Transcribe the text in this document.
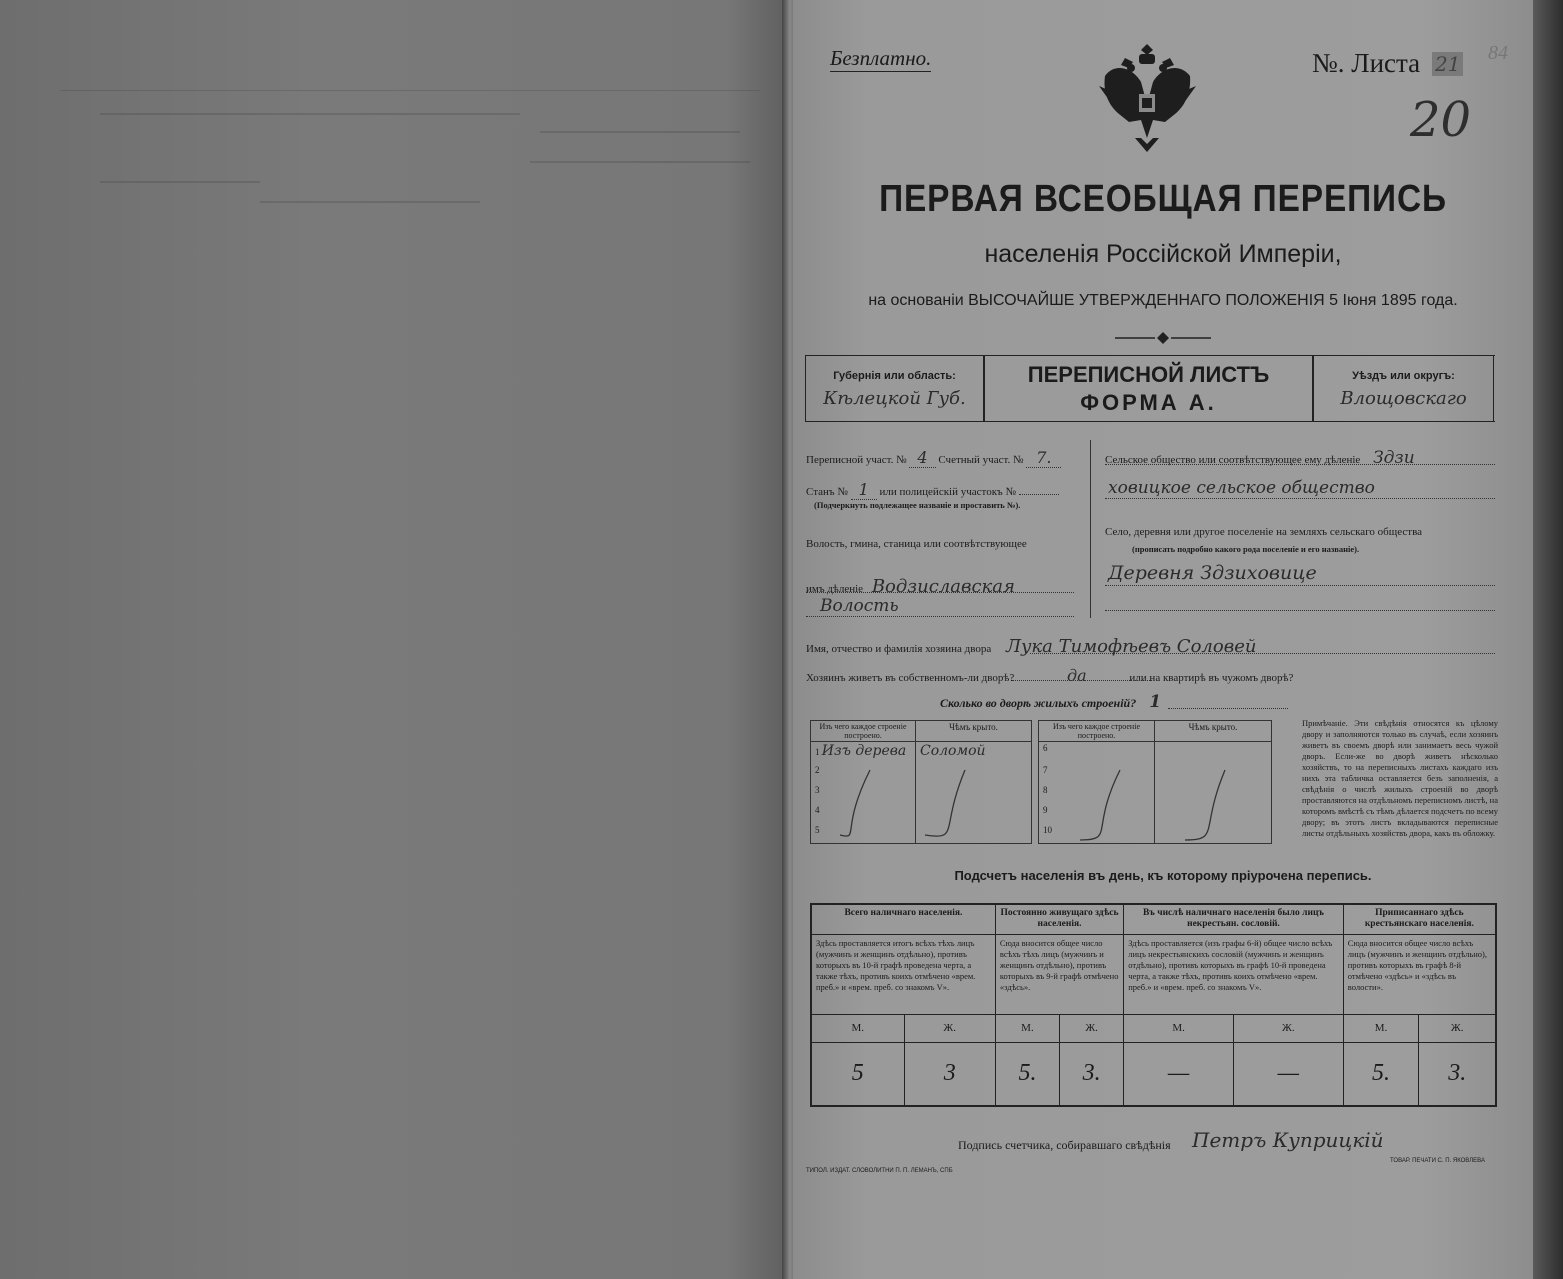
Безплатно.	№. Листа 21 84
20
ПЕРВАЯ ВСЕОБЩАЯ ПЕРЕПИСЬ
населенія Россійской Имперіи,
на основаніи ВЫСОЧАЙШЕ УТВЕРЖДЕННАГО ПОЛОЖЕНІЯ 5 Іюня 1895 года.
Губернія или область:
Кѣлецкой Губ.
ПЕРЕПИСНОЙ ЛИСТЪ
ФОРМА А.
Уѣздъ или округъ:
Влощовскаго
Переписной участ. № 4 Счетный участ. № 7.
Станъ № 1 или полицейскій участокъ №
(Подчеркнуть подлежащее названіе и проставить №).
Волость, гмина, станица или соотвѣтствующее
имъ дѣленіе Водзиславская
Волость
Сельское общество или соотвѣтствующее ему дѣленіе Здзи
ховицкое сельское общество
Село, деревня или другое поселеніе на земляхъ сельскаго общества
(прописать подробно какого рода поселеніе и его названіе).
Деревня Здзиховице
Имя, отчество и фамилія хозяина двора Лука Тимофѣевъ Соловей
Хозяинъ живетъ въ собственномъ-ли дворѣ?	да	или на квартирѣ въ чужомъ дворѣ?
Сколько во дворѣ жилыхъ строеній? 1
Изъ чего каждое строеніе построено.	Чѣмъ крыто.
1 Изъ дерева	Соломой
2	
3	
4	
5	
Изъ чего каждое строеніе построено.	Чѣмъ крыто.
6	
7	
8	
9	
10	
Примѣчаніе. Эти свѣдѣнія относятся къ цѣлому двору и заполняются только въ случаѣ, если хозяинъ живетъ въ своемъ дворѣ или занимаетъ весь чужой дворъ. Если-же во дворѣ живетъ нѣсколько хозяйствъ, то на переписныхъ листахъ каждаго изъ нихъ эта табличка оставляется безъ заполненія, а свѣдѣнія о числѣ жилыхъ строеній во дворѣ проставляются на отдѣльномъ переписномъ листѣ, на которомъ вмѣстѣ съ тѣмъ дѣлается подсчетъ по всему двору; въ этотъ листъ вкладываются переписные листы отдѣльныхъ хозяйствъ двора, какъ въ обложку.
Подсчетъ населенія въ день, къ которому пріурочена перепись.
Всего наличнаго населенія.		Постоянно живущаго здѣсь населенія.		Въ числѣ наличнаго населенія было лицъ некрестьян. сословій.		Приписаннаго здѣсь крестьянскаго населенія.	
Здѣсь проставляется итогъ всѣхъ тѣхъ лицъ (мужчинъ и женщинъ отдѣльно), противъ которыхъ въ 10-й графѣ проведена черта, а также тѣхъ, противъ коихъ отмѣчено «врем. преб.» и «врем. преб. со знакомъ V».		Сюда вносится общее число всѣхъ тѣхъ лицъ (мужчинъ и женщинъ отдѣльно), противъ которыхъ въ 9-й графѣ отмѣчено «здѣсь».		Здѣсь проставляется (изъ графы 6-й) общее число всѣхъ лицъ некрестьянскихъ сословій (мужчинъ и женщинъ отдѣльно), противъ которыхъ въ графѣ 10-й проведена черта, а также тѣхъ, противъ коихъ отмѣчено «врем. преб.» и «врем. преб. со знакомъ V».		Сюда вносится общее число всѣхъ лицъ (мужчинъ и женщинъ отдѣльно), противъ которыхъ въ графѣ 8-й отмѣчено «здѣсь» и «здѣсь въ волости».	
М.	Ж.	М.	Ж.	М.	Ж.	М.	Ж.
5	3	5.	3.	—	—	5.	3.
Подпись счетчика, собиравшаго свѣдѣнія Петръ Куприцкій
ТИПОЛ. ИЗДАТ. СЛОВОЛИТНИ П. П. ЛЕМАНЪ, СПБ
ТОВАР. ПЕЧАТИ С. П. ЯКОВЛЕВА
